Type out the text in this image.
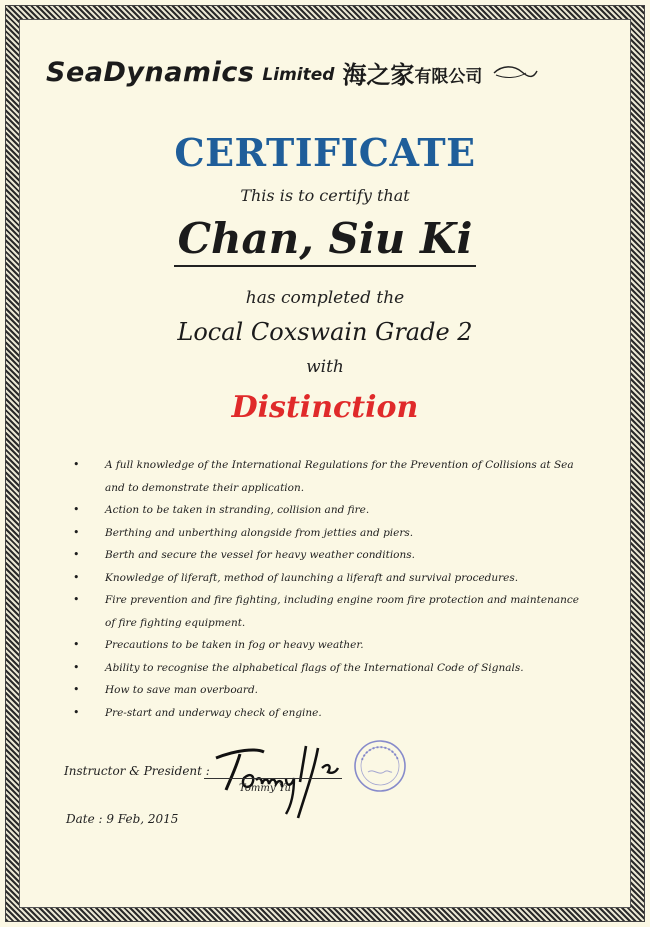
SeaDynamics Limited 海之家 有限公司
CERTIFICATE
This is to certify that
Chan, Siu Ki
has completed the
Local Coxswain Grade 2
with
Distinction
• A full knowledge of the International Regulations for the Prevention of Collisions at Sea and to demonstrate their application.
• Action to be taken in stranding, collision and fire.
• Berthing and unberthing alongside from jetties and piers.
• Berth and secure the vessel for heavy weather conditions.
• Knowledge of liferaft, method of launching a liferaft and survival procedures.
• Fire prevention and fire fighting, including engine room fire protection and maintenance of fire fighting equipment.
• Precautions to be taken in fog or heavy weather.
• Ability to recognise the alphabetical flags of the International Code of Signals.
• How to save man overboard.
• Pre-start and underway check of engine.
Instructor & President :
Tommy Yu
Date : 9 Feb, 2015
